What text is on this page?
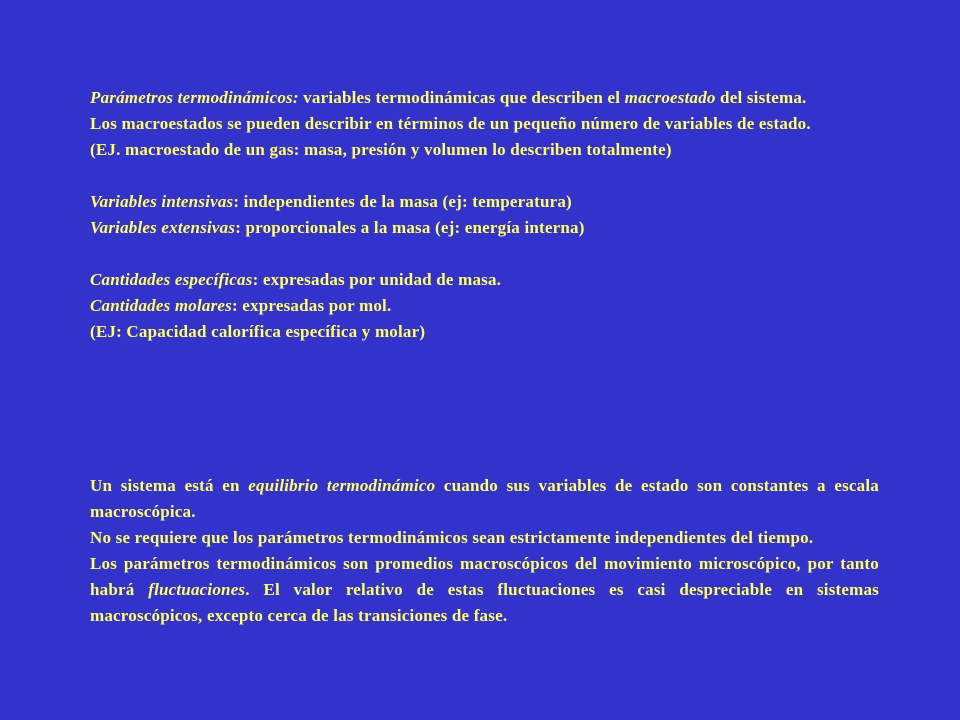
Parámetros termodinámicos: variables termodinámicas que describen el macroestado del sistema.

Los macroestados se pueden describir en términos de un pequeño número de variables de estado.

(EJ. macroestado de un gas: masa, presión y volumen lo describen totalmente)

Variables intensivas: independientes de la masa (ej: temperatura)

Variables extensivas: proporcionales a la masa (ej: energía interna)

Cantidades específicas: expresadas por unidad de masa.

Cantidades molares: expresadas por mol.

(EJ: Capacidad calorífica específica y molar)

Un sistema está en equilibrio termodinámico cuando sus variables de estado son constantes a escala macroscópica.

No se requiere que los parámetros termodinámicos sean estrictamente independientes del tiempo.

Los parámetros termodinámicos son promedios macroscópicos del movimiento microscópico, por tanto habrá fluctuaciones. El valor relativo de estas fluctuaciones es casi despreciable en sistemas macroscópicos, excepto cerca de las transiciones de fase.
